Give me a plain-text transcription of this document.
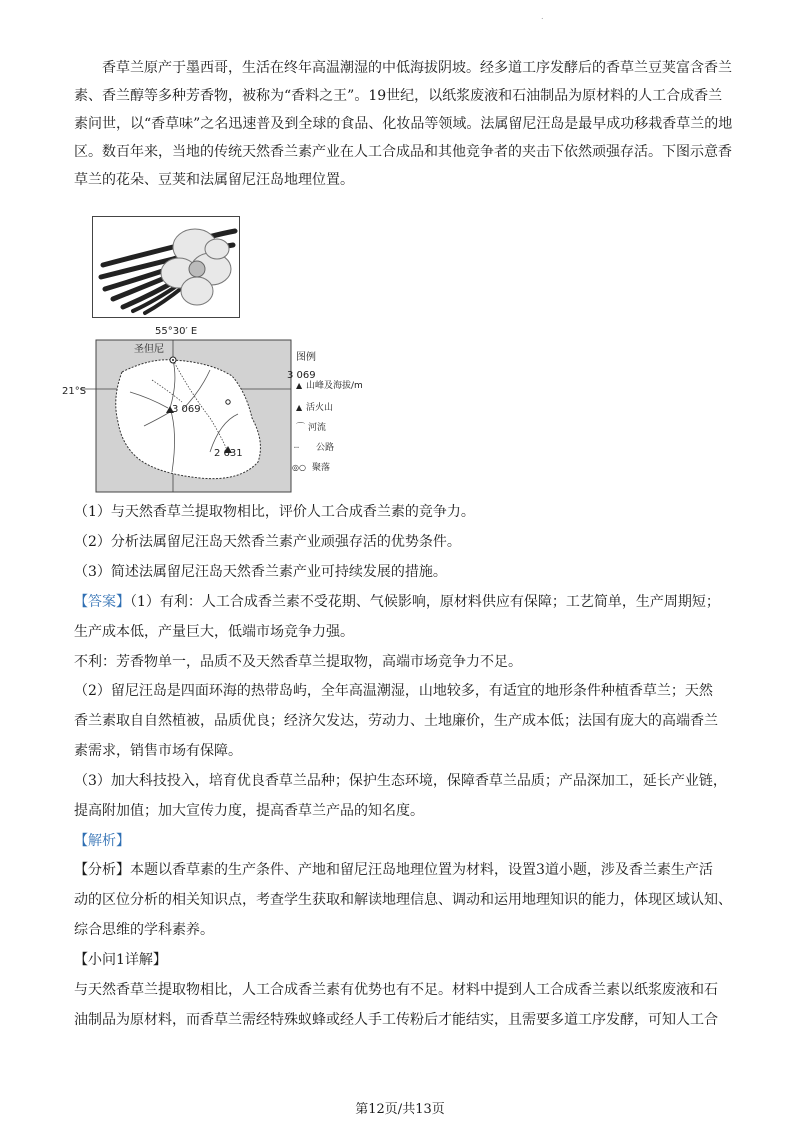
.

香草兰原产于墨西哥，生活在终年高温潮湿的中低海拔阴坡。经多道工序发酵后的香草兰豆荚富含香兰素、香兰醇等多种芳香物，被称为“香料之王”。19世纪，以纸浆废液和石油制品为原材料的人工合成香兰素问世，以“香草味”之名迅速普及到全球的食品、化妆品等领域。法属留尼汪岛是最早成功移栽香草兰的地区。数百年来，当地的传统天然香兰素产业在人工合成品和其他竞争者的夹击下依然顽强存活。下图示意香草兰的花朵、豆荚和法属留尼汪岛地理位置。

55°30′ E
21°S
圣但尼
3 069
3 069
2 631
图例
▲ 山峰及海拔/m
▲ 活火山
⌒ 河流
┈ 公路
◎○ 聚落
（1）与天然香草兰提取物相比，评价人工合成香兰素的竞争力。
（2）分析法属留尼汪岛天然香兰素产业顽强存活的优势条件。
（3）简述法属留尼汪岛天然香兰素产业可持续发展的措施。
【答案】（1）有利：人工合成香兰素不受花期、气候影响，原材料供应有保障；工艺简单，生产周期短；
生产成本低，产量巨大，低端市场竞争力强。
不利：芳香物单一，品质不及天然香草兰提取物，高端市场竞争力不足。
（2）留尼汪岛是四面环海的热带岛屿，全年高温潮湿，山地较多，有适宜的地形条件种植香草兰；天然
香兰素取自自然植被，品质优良；经济欠发达，劳动力、土地廉价，生产成本低；法国有庞大的高端香兰
素需求，销售市场有保障。
（3）加大科技投入，培育优良香草兰品种；保护生态环境，保障香草兰品质；产品深加工，延长产业链，
提高附加值；加大宣传力度，提高香草兰产品的知名度。
【解析】
【分析】本题以香草素的生产条件、产地和留尼汪岛地理位置为材料，设置3道小题，涉及香兰素生产活
动的区位分析的相关知识点，考查学生获取和解读地理信息、调动和运用地理知识的能力，体现区域认知、
综合思维的学科素养。
【小问1详解】
与天然香草兰提取物相比，人工合成香兰素有优势也有不足。材料中提到人工合成香兰素以纸浆废液和石
油制品为原材料，而香草兰需经特殊蚁蜂或经人手工传粉后才能结实，且需要多道工序发酵，可知人工合
第12页/共13页
